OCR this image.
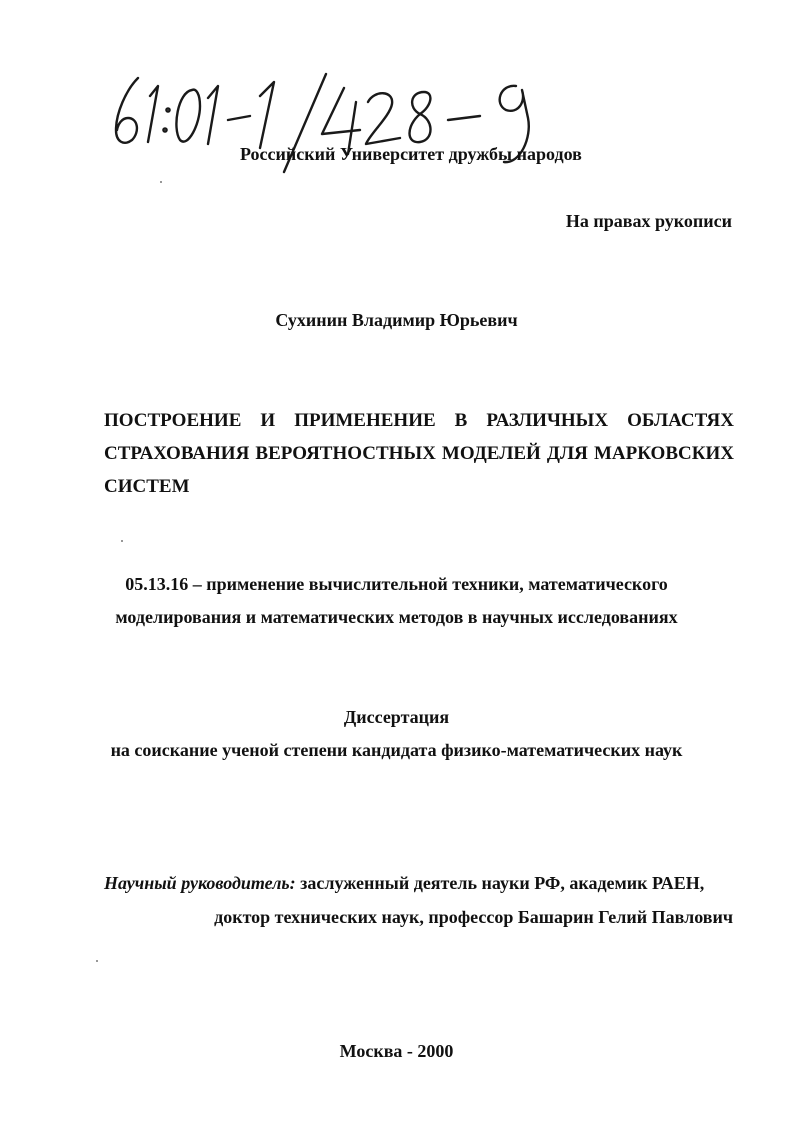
Российский Университет дружбы народов
На правах рукописи
Сухинин Владимир Юрьевич
ПОСТРОЕНИЕ И ПРИМЕНЕНИЕ В РАЗЛИЧНЫХ ОБЛАСТЯХ
СТРАХОВАНИЯ ВЕРОЯТНОСТНЫХ МОДЕЛЕЙ ДЛЯ МАРКОВСКИХ
СИСТЕМ
05.13.16 – применение вычислительной техники, математического
моделирования и математических методов в научных исследованиях
Диссертация
на соискание ученой степени кандидата физико-математических наук
Научный руководитель: заслуженный деятель науки РФ, академик РАЕН,
доктор технических наук, профессор Башарин Гелий Павлович
Москва - 2000
